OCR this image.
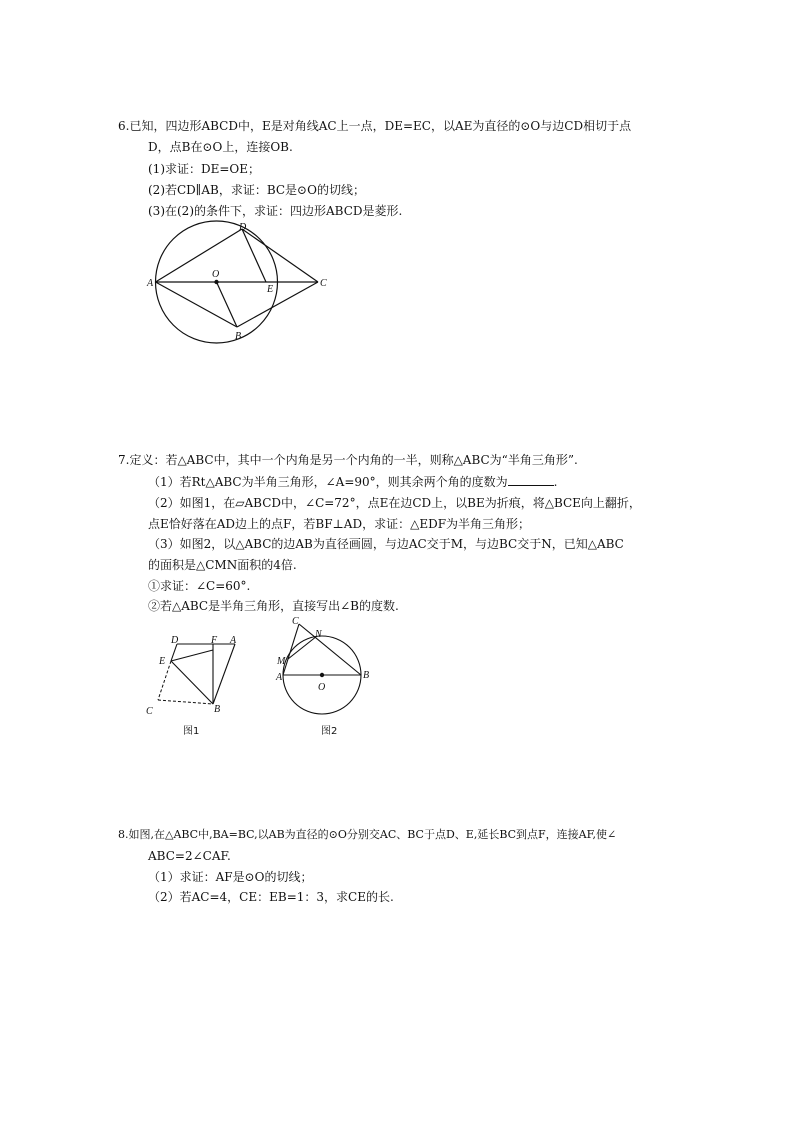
6.已知，四边形ABCD中，E是对角线AC上一点，DE=EC，以AE为直径的⊙O与边CD相切于点
D，点B在⊙O上，连接OB.
(1)求证：DE=OE；
(2)若CD∥AB，求证：BC是⊙O的切线；
(3)在(2)的条件下，求证：四边形ABCD是菱形.
D
A
O
E
C
B
7.定义：若△ABC中，其中一个内角是另一个内角的一半，则称△ABC为“半角三角形”.
（1）若Rt△ABC为半角三角形，∠A=90°，则其余两个角的度数为	.
（2）如图1，在▱ABCD中，∠C=72°，点E在边CD上，以BE为折痕，将△BCE向上翻折，
点E恰好落在AD边上的点F，若BF⊥AD，求证：△EDF为半角三角形；
（3）如图2，以△ABC的边AB为直径画圆，与边AC交于M，与边BC交于N，已知△ABC
的面积是△CMN面积的4倍.
①求证：∠C=60°.
②若△ABC是半角三角形，直接写出∠B的度数.
D	F A
E
C	B
图1
C
N
M
A
O
B
图2
8.如图,在△ABC中,BA=BC,以AB为直径的⊙O分别交AC、BC于点D、E,延长BC到点F，连接AF,使∠
ABC=2∠CAF.
（1）求证：AF是⊙O的切线；
（2）若AC=4，CE：EB=1：3，求CE的长.
